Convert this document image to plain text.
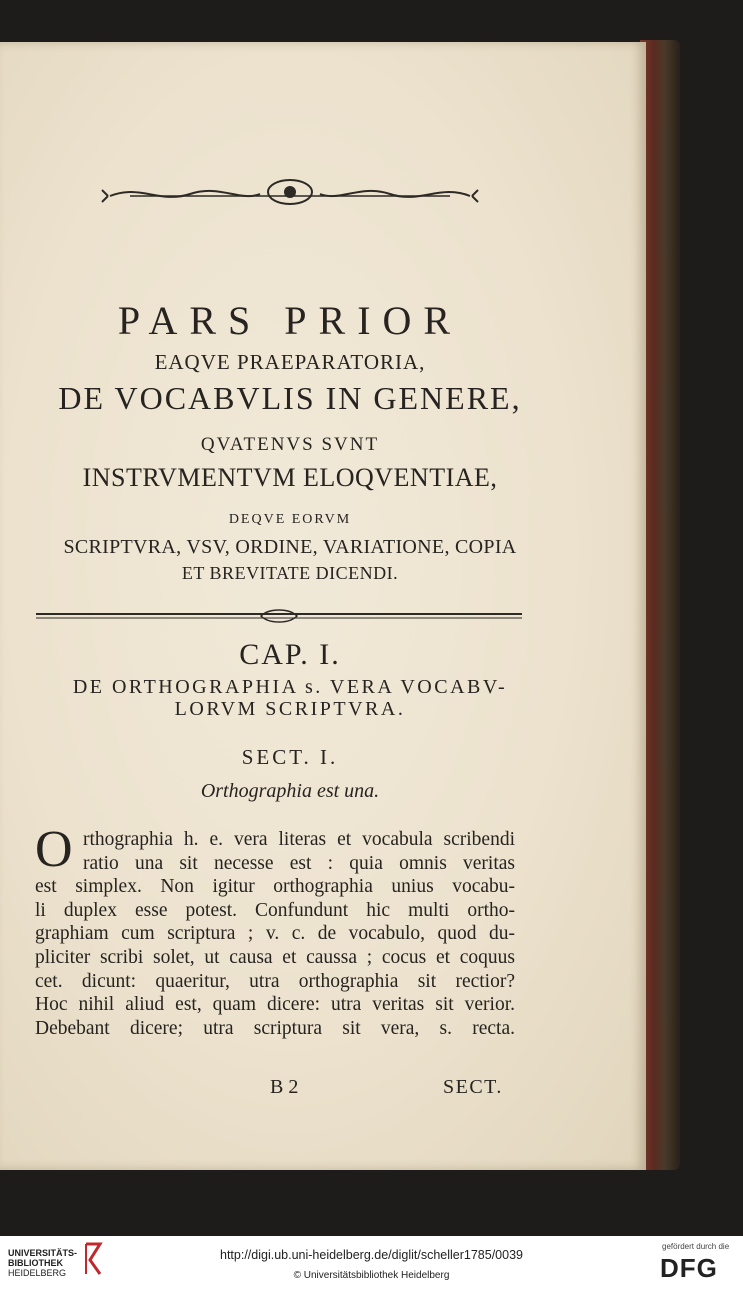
PARS PRIOR
EAQVE PRAEPARATORIA,
DE VOCABVLIS IN GENERE,
QVATENVS SVNT
INSTRVMENTVM ELOQVENTIAE,
DEQVE EORVM
SCRIPTVRA, VSV, ORDINE, VARIATIONE, COPIA
ET BREVITATE DICENDI.
CAP. I.
DE ORTHOGRAPHIA s. VERA VOCABV-
LORVM SCRIPTVRA.
SECT. I.
Orthographia est una.
O rthographia h. e. vera literas et vocabula scribendi
ratio una sit necesse est : quia omnis veritas
est simplex. Non igitur orthographia unius vocabu-
li duplex esse potest. Confundunt hic multi ortho-
graphiam cum scriptura ; v. c. de vocabulo, quod du-
pliciter scribi solet, ut causa et caussa ; cocus et coquus
cet. dicunt: quaeritur, utra orthographia sit rectior?
Hoc nihil aliud est, quam dicere: utra veritas sit verior.
Debebant dicere; utra scriptura sit vera, s. recta.
B 2	SECT.
UNIVERSITÄTS-
BIBLIOTHEK
HEIDELBERG
http://digi.ub.uni-heidelberg.de/diglit/scheller1785/0039
© Universitätsbibliothek Heidelberg
gefördert durch die
DFG
